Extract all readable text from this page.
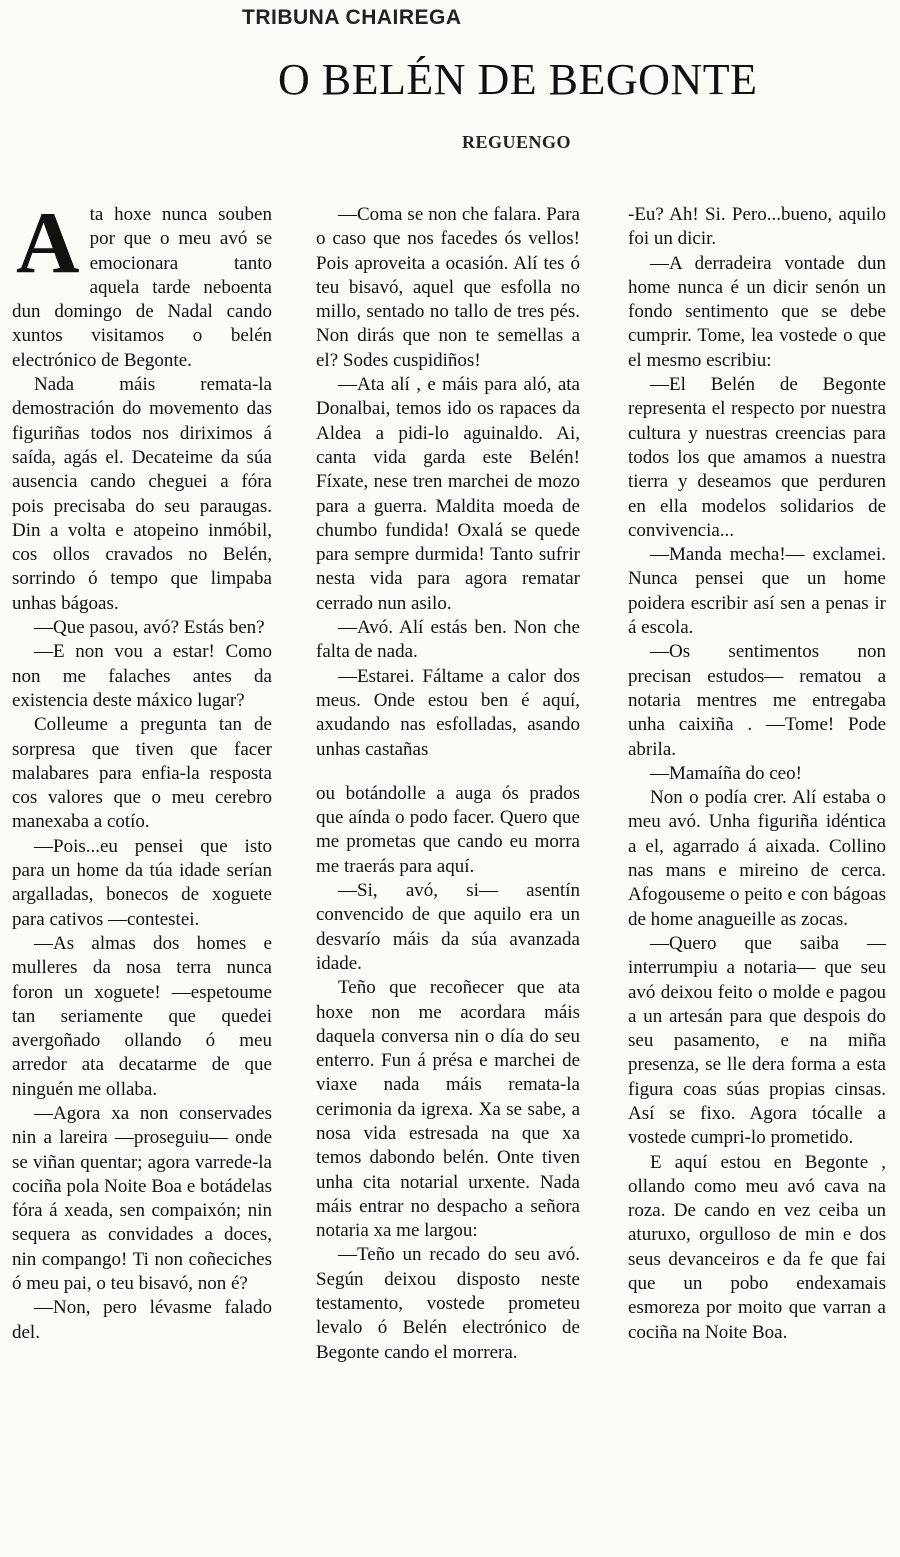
TRIBUNA CHAIREGA
O BELÉN DE BEGONTE
REGUENGO

Ata hoxe nunca souben por que o meu avó se emocionara tanto aquela tarde neboenta dun domingo de Nadal cando xuntos visitamos o belén electrónico de Begonte.

Nada máis remata-la demostración do movemento das figuriñas todos nos diriximos á saída, agás el. Decateime da súa ausencia cando cheguei a fóra pois precisaba do seu paraugas. Din a volta e atopeino inmóbil, cos ollos cravados no Belén, sorrindo ó tempo que limpaba unhas bágoas.

—Que pasou, avó? Estás ben?

—E non vou a estar! Como non me falaches antes da existencia deste máxico lugar?

Colleume a pregunta tan de sorpresa que tiven que facer malabares para enfia-la resposta cos valores que o meu cerebro manexaba a cotío.

—Pois...eu pensei que isto para un home da túa idade serían argalladas, bonecos de xoguete para cativos —contestei.

—As almas dos homes e mulleres da nosa terra nunca foron un xoguete! —espetoume tan seriamente que quedei avergoñado ollando ó meu arredor ata decatarme de que ninguén me ollaba.

—Agora xa non conservades nin a lareira —proseguiu— onde se viñan quentar; agora varrede-la cociña pola Noite Boa e botádelas fóra á xeada, sen compaixón; nin sequera as convidades a doces, nin compango! Ti non coñeciches ó meu pai, o teu bisavó, non é?

—Non, pero lévasme falado del.

—Coma se non che falara. Para o caso que nos facedes ós vellos! Pois aproveita a ocasión. Alí tes ó teu bisavó, aquel que esfolla no millo, sentado no tallo de tres pés. Non dirás que non te semellas a el? Sodes cuspidiños!

—Ata alí , e máis para aló, ata Donalbai, temos ido os rapaces da Aldea a pidi-lo aguinaldo. Ai, canta vida garda este Belén! Fíxate, nese tren marchei de mozo para a guerra. Maldita moeda de chumbo fundida! Oxalá se quede para sempre durmida! Tanto sufrir nesta vida para agora rematar cerrado nun asilo.

—Avó. Alí estás ben. Non che falta de nada.

—Estarei. Fáltame a calor dos meus. Onde estou ben é aquí, axudando nas esfolladas, asando unhas castañas

ou botándolle a auga ós prados que aínda o podo facer. Quero que me prometas que cando eu morra me traerás para aquí.

—Si, avó, si— asentín convencido de que aquilo era un desvarío máis da súa avanzada idade.

Teño que recoñecer que ata hoxe non me acordara máis daquela conversa nin o día do seu enterro. Fun á présa e marchei de viaxe nada máis remata-la cerimonia da igrexa. Xa se sabe, a nosa vida estresada na que xa temos dabondo belén. Onte tiven unha cita notarial urxente. Nada máis entrar no despacho a señora notaria xa me largou:

—Teño un recado do seu avó. Según deixou disposto neste testamento, vostede prometeu levalo ó Belén electrónico de Begonte cando el morrera.

-Eu? Ah! Si. Pero...bueno, aquilo foi un dicir.

—A derradeira vontade dun home nunca é un dicir senón un fondo sentimento que se debe cumprir. Tome, lea vostede o que el mesmo escribiu:

—El Belén de Begonte representa el respecto por nuestra cultura y nuestras creencias para todos los que amamos a nuestra tierra y deseamos que perduren en ella modelos solidarios de convivencia...

—Manda mecha!— exclamei. Nunca pensei que un home poidera escribir así sen a penas ir á escola.

—Os sentimentos non precisan estudos— rematou a notaria mentres me entregaba unha caixiña . —Tome! Pode abrila.

—Mamaíña do ceo!

Non o podía crer. Alí estaba o meu avó. Unha figuriña idéntica a el, agarrado á aixada. Collino nas mans e mireino de cerca. Afogouseme o peito e con bágoas de home anagueille as zocas.

—Quero que saiba —interrumpiu a notaria— que seu avó deixou feito o molde e pagou a un artesán para que despois do seu pasamento, e na miña presenza, se lle dera forma a esta figura coas súas propias cinsas. Así se fixo. Agora tócalle a vostede cumpri-lo prometido.

E aquí estou en Begonte , ollando como meu avó cava na roza. De cando en vez ceiba un aturuxo, orgulloso de min e dos seus devanceiros e da fe que fai que un pobo endexamais esmoreza por moito que varran a cociña na Noite Boa.
